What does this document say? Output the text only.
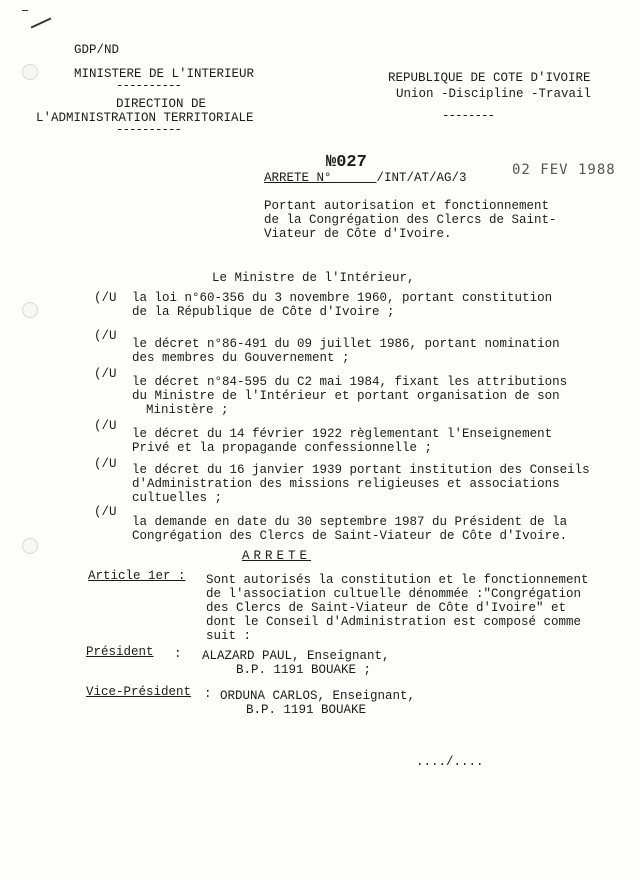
GDP/ND
MINISTERE DE L'INTERIEUR
----------
DIRECTION DE
L'ADMINISTRATION TERRITORIALE
----------
REPUBLIQUE DE COTE D'IVOIRE
Union -Discipline -Travail
--------
ARRETE N°______/INT/AT/AG/3
№027	02 FEV 1988
Portant autorisation et fonctionnement
de la Congrégation des Clercs de Saint-
Viateur de Côte d'Ivoire.
Le Ministre de l'Intérieur,
(/U la loi n°60-356 du 3 novembre 1960, portant constitution
de la République de Côte d'Ivoire ;
(/U
le décret n°86-491 du 09 juillet 1986, portant nomination
des membres du Gouvernement ;
(/U
le décret n°84-595 du C2 mai 1984, fixant les attributions
du Ministre de l'Intérieur et portant organisation de son
Ministère ;
(/U
le décret du 14 février 1922 règlementant l'Enseignement
Privé et la propagande confessionnelle ;
(/U le décret du 16 janvier 1939 portant institution des Conseils
d'Administration des missions religieuses et associations
cultuelles ;
(/U
la demande en date du 30 septembre 1987 du Président de la
Congrégation des Clercs de Saint-Viateur de Côte d'Ivoire.
ARRETE
Article 1er : Sont autorisés la constitution et le fonctionnement
de l'association cultuelle dénommée :"Congrégation
des Clercs de Saint-Viateur de Côte d'Ivoire" et
dont le Conseil d'Administration est composé comme
suit :
Président : ALAZARD PAUL, Enseignant,
B.P. 1191 BOUAKE ;
Vice-Président : ORDUNA CARLOS, Enseignant,
B.P. 1191 BOUAKE
..../....
